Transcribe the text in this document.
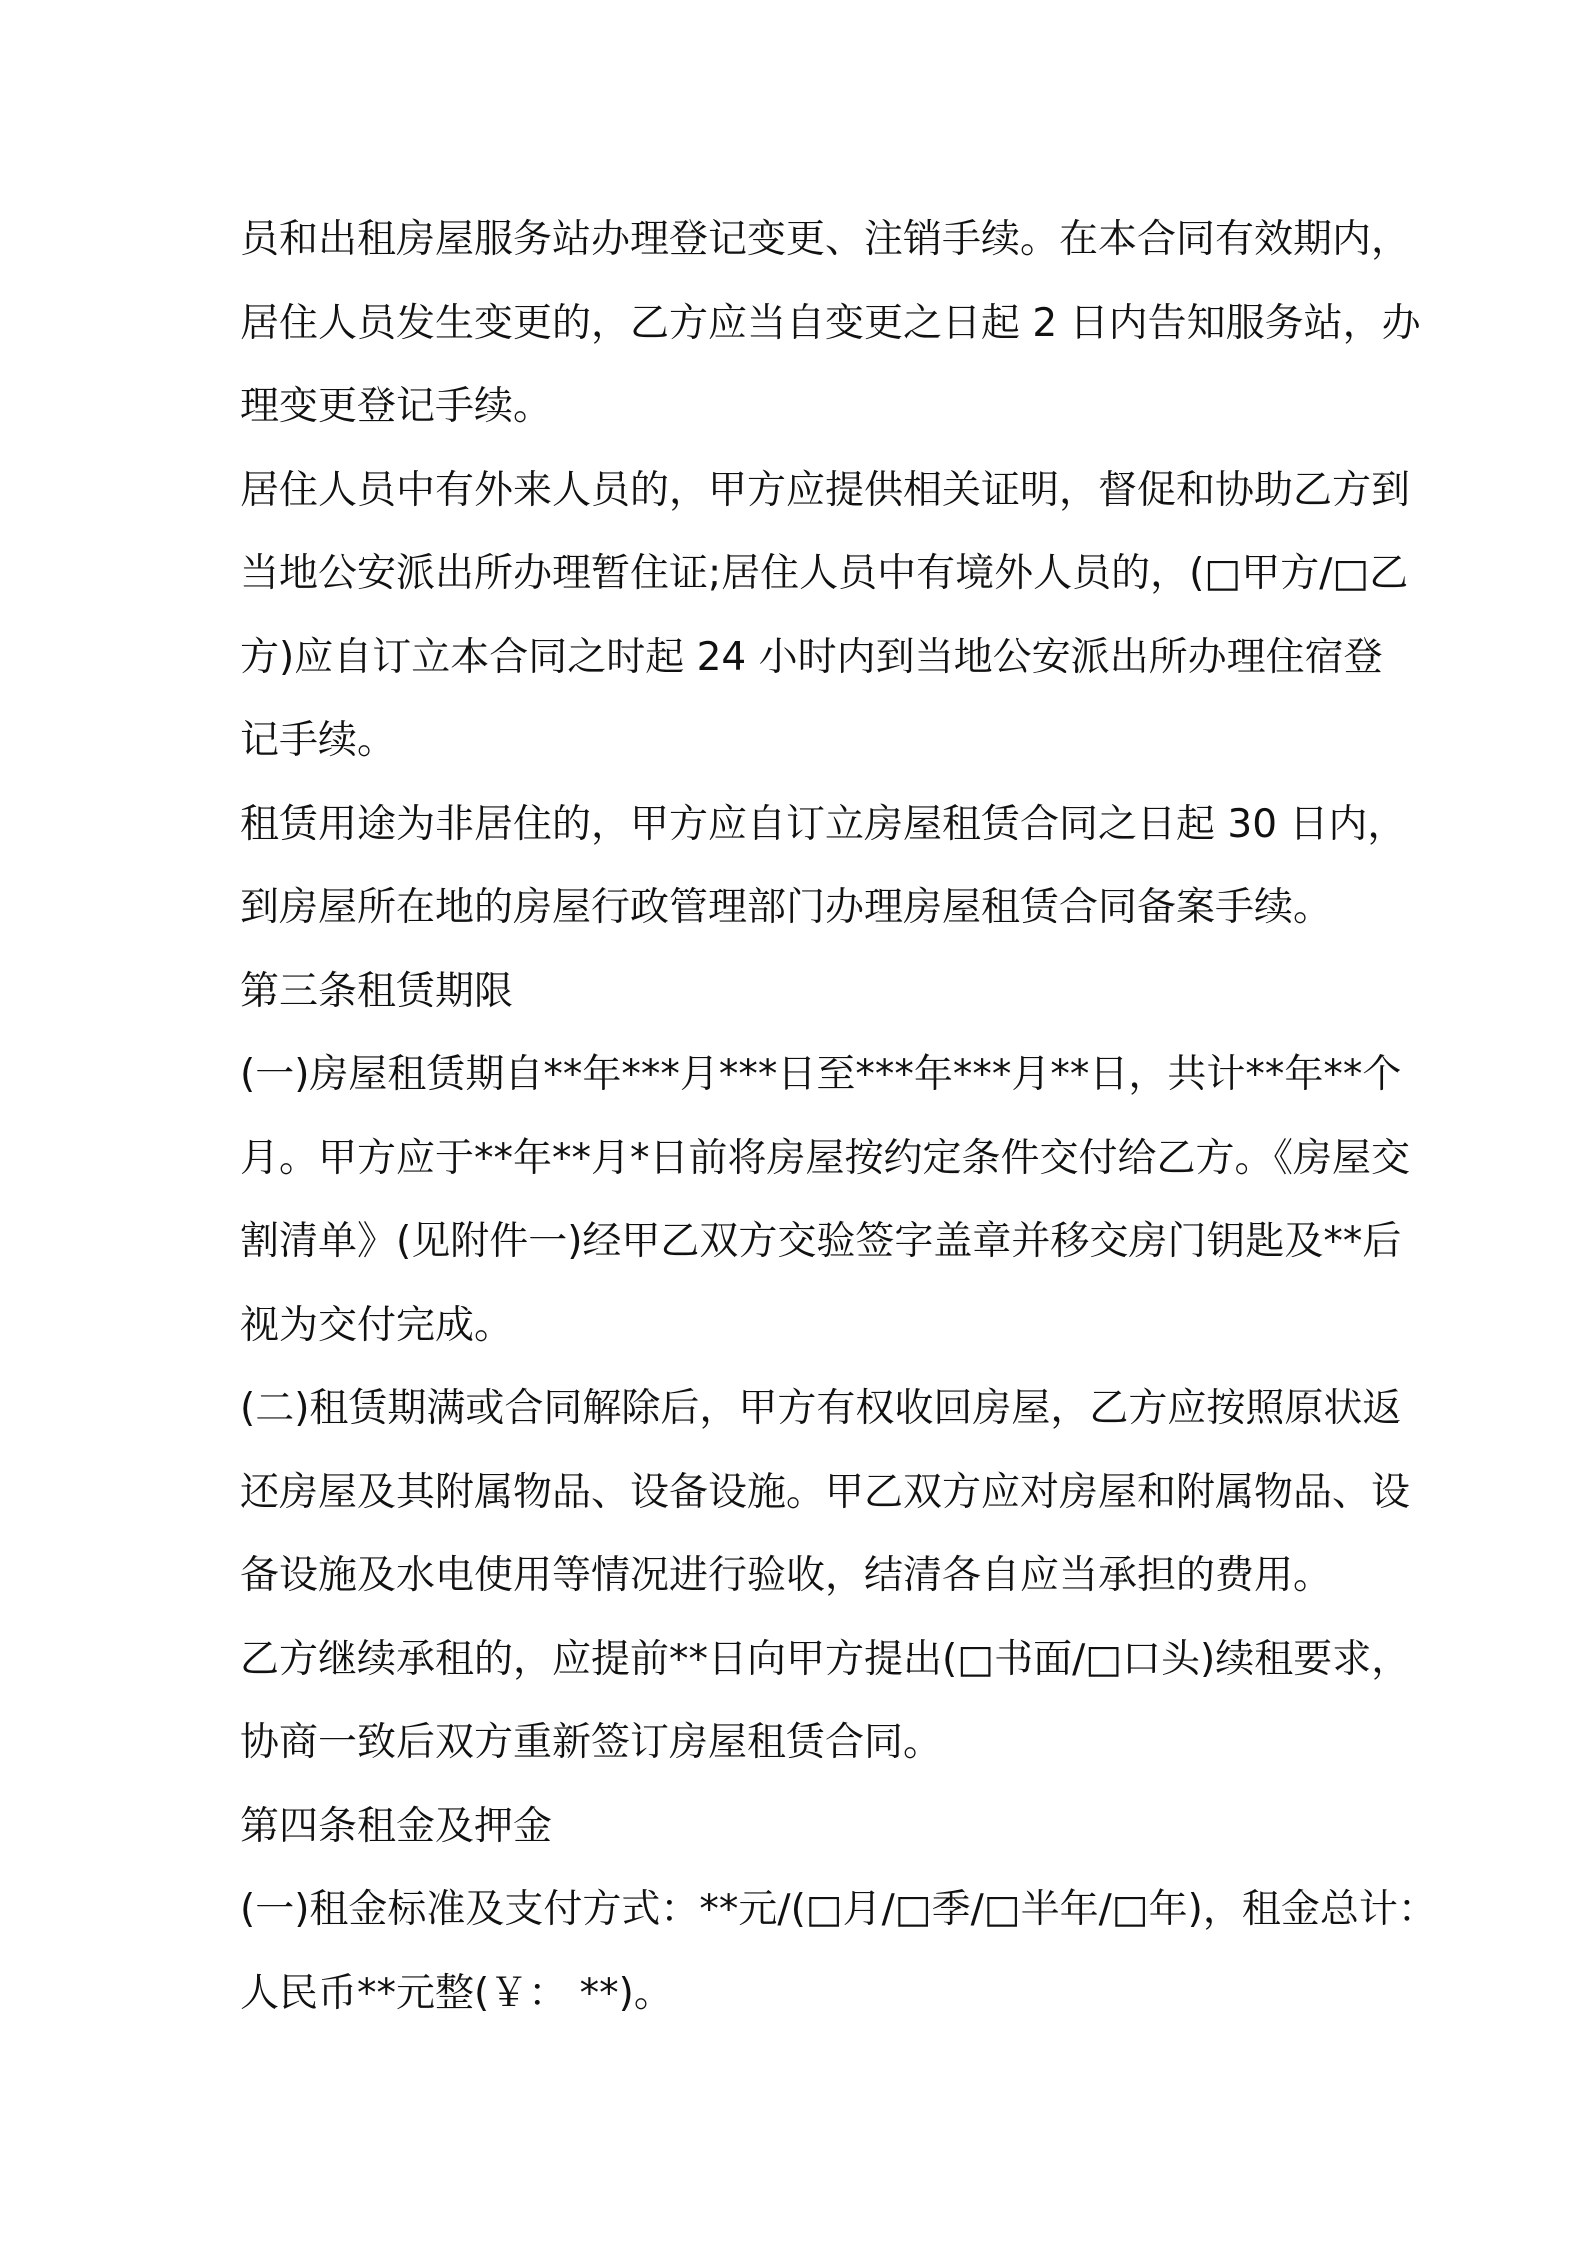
员和出租房屋服务站办理登记变更、注销手续。在本合同有效期内，
居住人员发生变更的，乙方应当自变更之日起 2 日内告知服务站，办
理变更登记手续。
居住人员中有外来人员的，甲方应提供相关证明，督促和协助乙方到
当地公安派出所办理暂住证;居住人员中有境外人员的，(□甲方/□乙
方)应自订立本合同之时起 24 小时内到当地公安派出所办理住宿登
记手续。
租赁用途为非居住的，甲方应自订立房屋租赁合同之日起 30 日内，
到房屋所在地的房屋行政管理部门办理房屋租赁合同备案手续。
第三条租赁期限
(一)房屋租赁期自**年***月***日至***年***月**日，共计**年**个
月。甲方应于**年**月*日前将房屋按约定条件交付给乙方。《房屋交
割清单》(见附件一)经甲乙双方交验签字盖章并移交房门钥匙及**后
视为交付完成。
(二)租赁期满或合同解除后，甲方有权收回房屋，乙方应按照原状返
还房屋及其附属物品、设备设施。甲乙双方应对房屋和附属物品、设
备设施及水电使用等情况进行验收，结清各自应当承担的费用。
乙方继续承租的，应提前**日向甲方提出(□书面/□口头)续租要求，
协商一致后双方重新签订房屋租赁合同。
第四条租金及押金
(一)租金标准及支付方式：**元/(□月/□季/□半年/□年)，租金总计：
人民币**元整(￥： **)。
